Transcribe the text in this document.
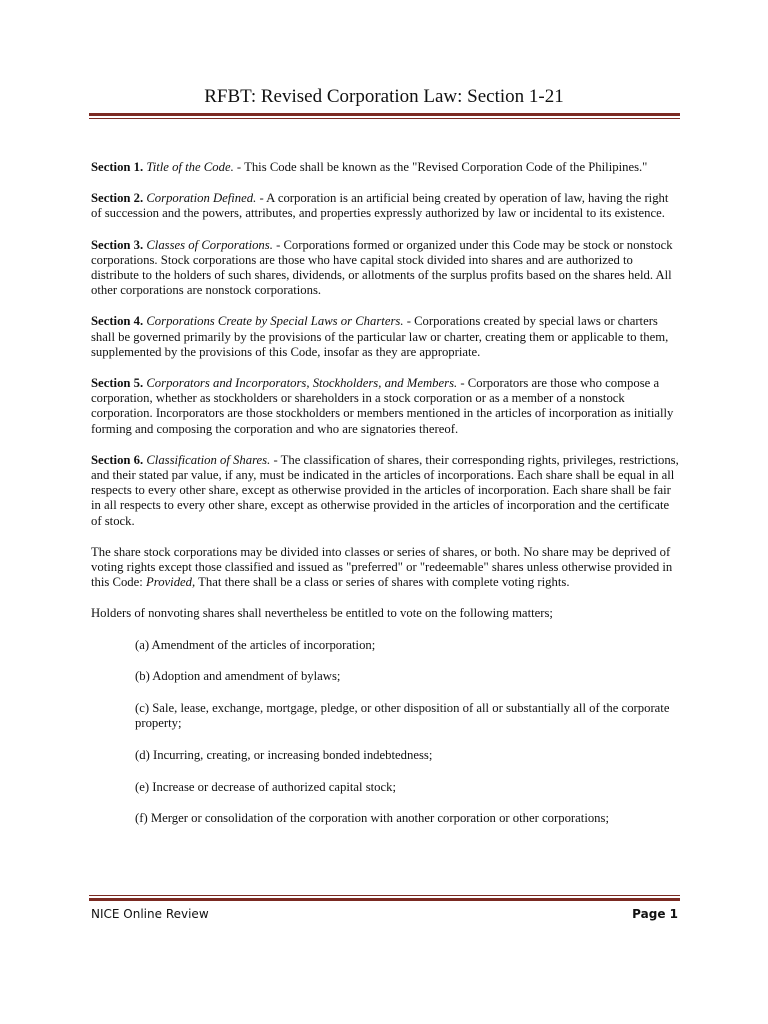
RFBT: Revised Corporation Law: Section 1-21

Section 1. Title of the Code. - This Code shall be known as the "Revised Corporation Code of the Philipines."

Section 2. Corporation Defined. - A corporation is an artificial being created by operation of law, having the right of succession and the powers, attributes, and properties expressly authorized by law or incidental to its existence.

Section 3. Classes of Corporations. - Corporations formed or organized under this Code may be stock or nonstock corporations. Stock corporations are those who have capital stock divided into shares and are authorized to distribute to the holders of such shares, dividends, or allotments of the surplus profits based on the shares held. All other corporations are nonstock corporations.

Section 4. Corporations Create by Special Laws or Charters. - Corporations created by special laws or charters shall be governed primarily by the provisions of the particular law or charter, creating them or applicable to them, supplemented by the provisions of this Code, insofar as they are appropriate.

Section 5. Corporators and Incorporators, Stockholders, and Members. - Corporators are those who compose a corporation, whether as stockholders or shareholders in a stock corporation or as a member of a nonstock corporation. Incorporators are those stockholders or members mentioned in the articles of incorporation as initially forming and composing the corporation and who are signatories thereof.

Section 6. Classification of Shares. - The classification of shares, their corresponding rights, privileges, restrictions, and their stated par value, if any, must be indicated in the articles of incorporations. Each share shall be equal in all respects to every other share, except as otherwise provided in the articles of incorporation. Each share shall be fair in all respects to every other share, except as otherwise provided in the articles of incorporation and the certificate of stock.

The share stock corporations may be divided into classes or series of shares, or both. No share may be deprived of voting rights except those classified and issued as "preferred" or "redeemable" shares unless otherwise provided in this Code: Provided, That there shall be a class or series of shares with complete voting rights.

Holders of nonvoting shares shall nevertheless be entitled to vote on the following matters;

(a) Amendment of the articles of incorporation;

(b) Adoption and amendment of bylaws;

(c) Sale, lease, exchange, mortgage, pledge, or other disposition of all or substantially all of the corporate property;

(d) Incurring, creating, or increasing bonded indebtedness;

(e) Increase or decrease of authorized capital stock;

(f) Merger or consolidation of the corporation with another corporation or other corporations;

NICE Online Review	Page 1
